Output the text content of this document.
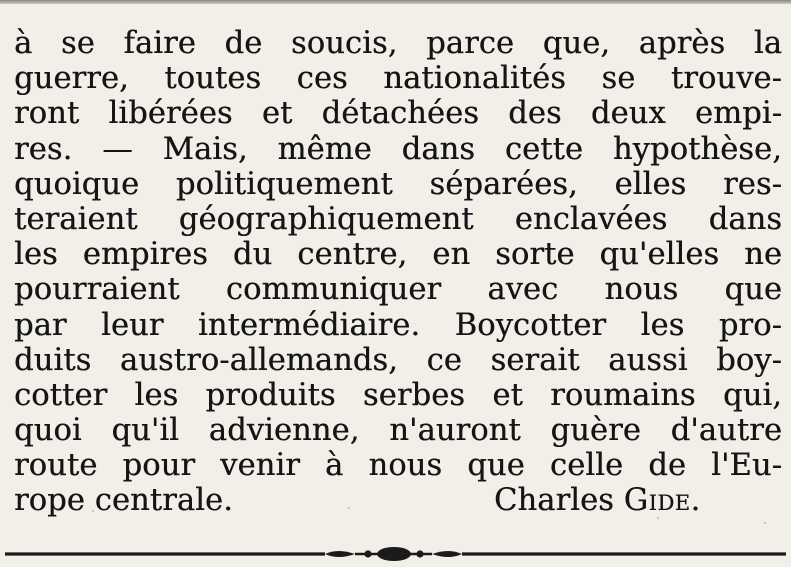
à se faire de soucis, parce que, après la
guerre, toutes ces nationalités se trouve-
ront libérées et détachées des deux empi-
res. — Mais, même dans cette hypothèse,
quoique politiquement séparées, elles res-
teraient géographiquement enclavées dans
les empires du centre, en sorte qu'elles ne
pourraient communiquer avec nous que
par leur intermédiaire. Boycotter les pro-
duits austro-allemands, ce serait aussi boy-
cotter les produits serbes et roumains qui,
quoi qu'il advienne, n'auront guère d'autre
route pour venir à nous que celle de l'Eu-
rope centrale.	Charles Gide.
